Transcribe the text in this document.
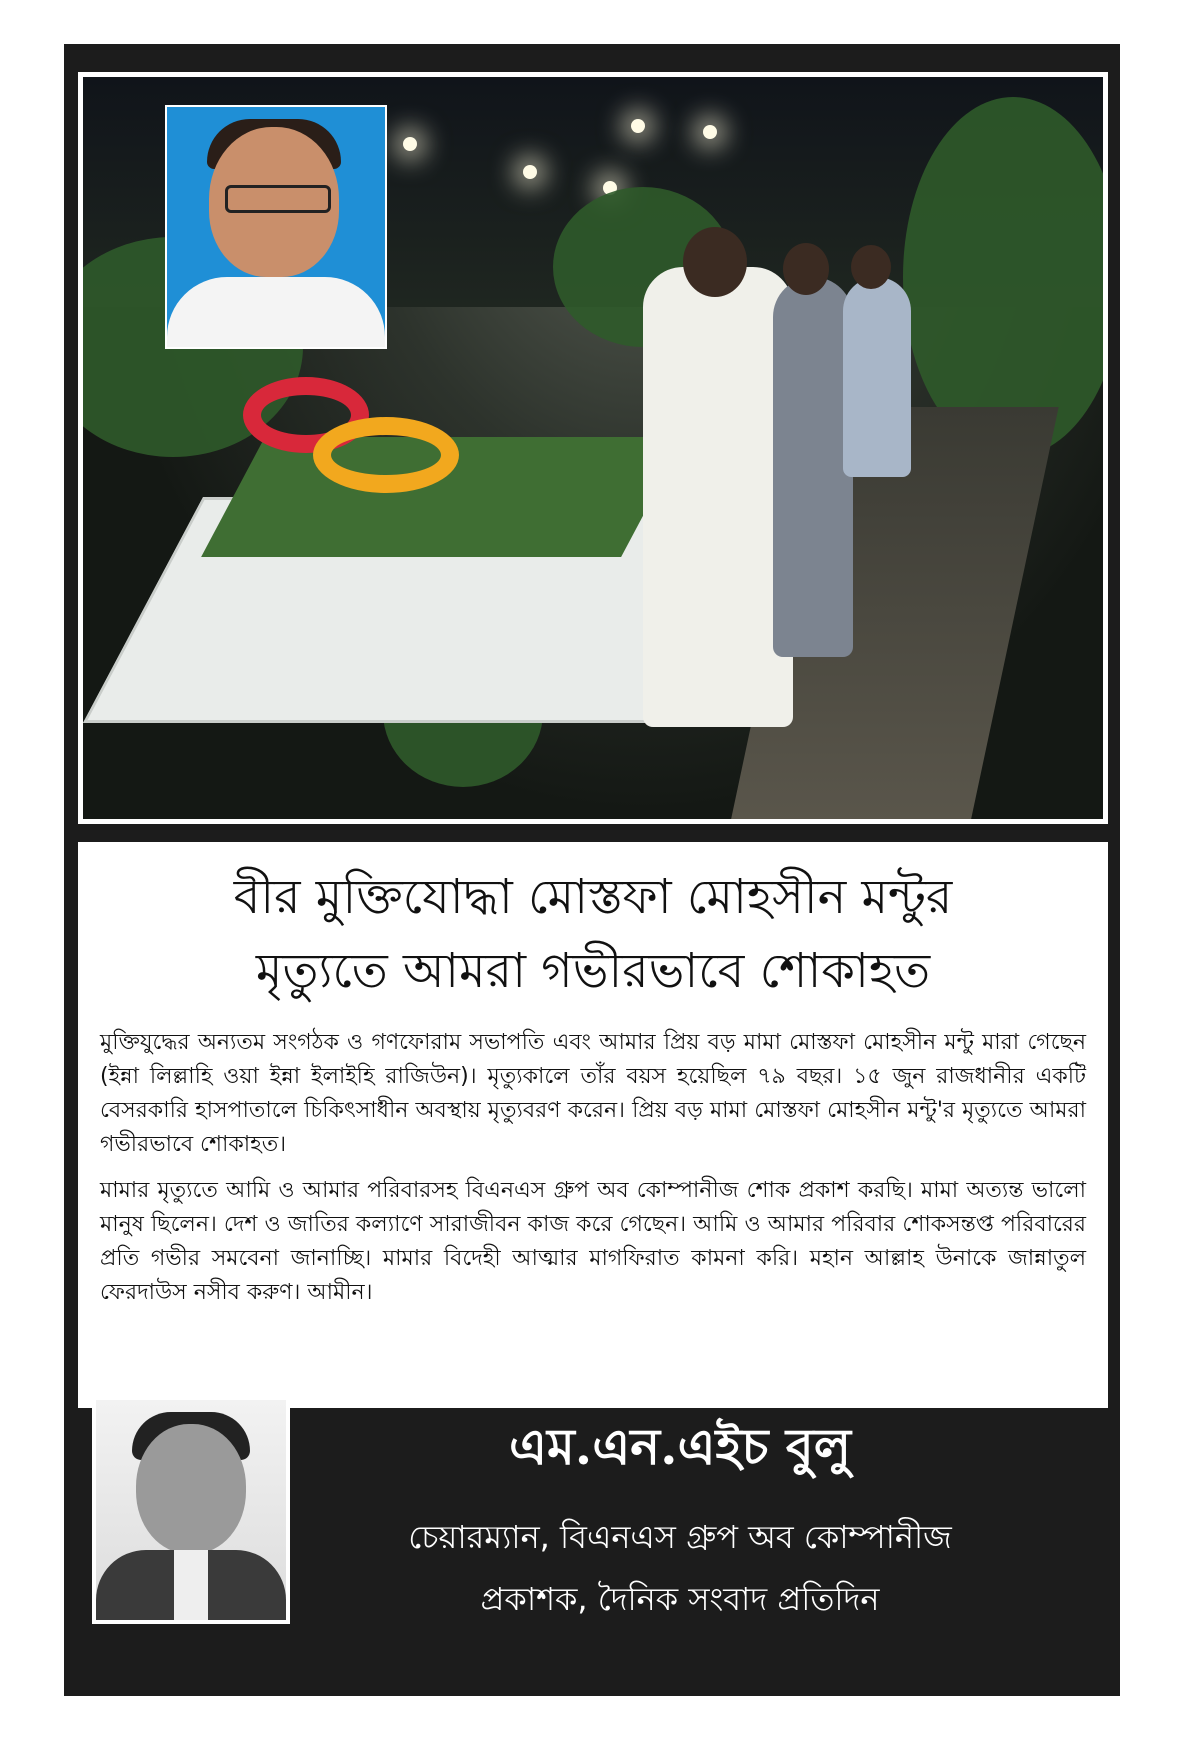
বীর মুক্তিযোদ্ধা মোস্তফা মোহসীন মন্টুর
মৃত্যুতে আমরা গভীরভাবে শোকাহত

মুক্তিযুদ্ধের অন্যতম সংগঠক ও গণফোরাম সভাপতি এবং আমার প্রিয় বড় মামা মোস্তফা মোহসীন মন্টু মারা গেছেন (ইন্না লিল্লাহি ওয়া ইন্না ইলাইহি রাজিউন)। মৃত্যুকালে তাঁর বয়স হয়েছিল ৭৯ বছর। ১৫ জুন রাজধানীর একটি বেসরকারি হাসপাতালে চিকিৎসাধীন অবস্থায় মৃত্যুবরণ করেন। প্রিয় বড় মামা মোস্তফা মোহসীন মন্টু'র মৃত্যুতে আমরা গভীরভাবে শোকাহত।

মামার মৃত্যুতে আমি ও আমার পরিবারসহ বিএনএস গ্রুপ অব কোম্পানীজ শোক প্রকাশ করছি। মামা অত্যন্ত ভালো মানুষ ছিলেন। দেশ ও জাতির কল্যাণে সারাজীবন কাজ করে গেছেন। আমি ও আমার পরিবার শোকসন্তপ্ত পরিবারের প্রতি গভীর সমবেনা জানাচ্ছি। মামার বিদেহী আত্মার মাগফিরাত কামনা করি। মহান আল্লাহ উনাকে জান্নাতুল ফেরদাউস নসীব করুণ। আমীন।

এম.এন.এইচ বুলু
চেয়ারম্যান, বিএনএস গ্রুপ অব কোম্পানীজ
প্রকাশক, দৈনিক সংবাদ প্রতিদিন
